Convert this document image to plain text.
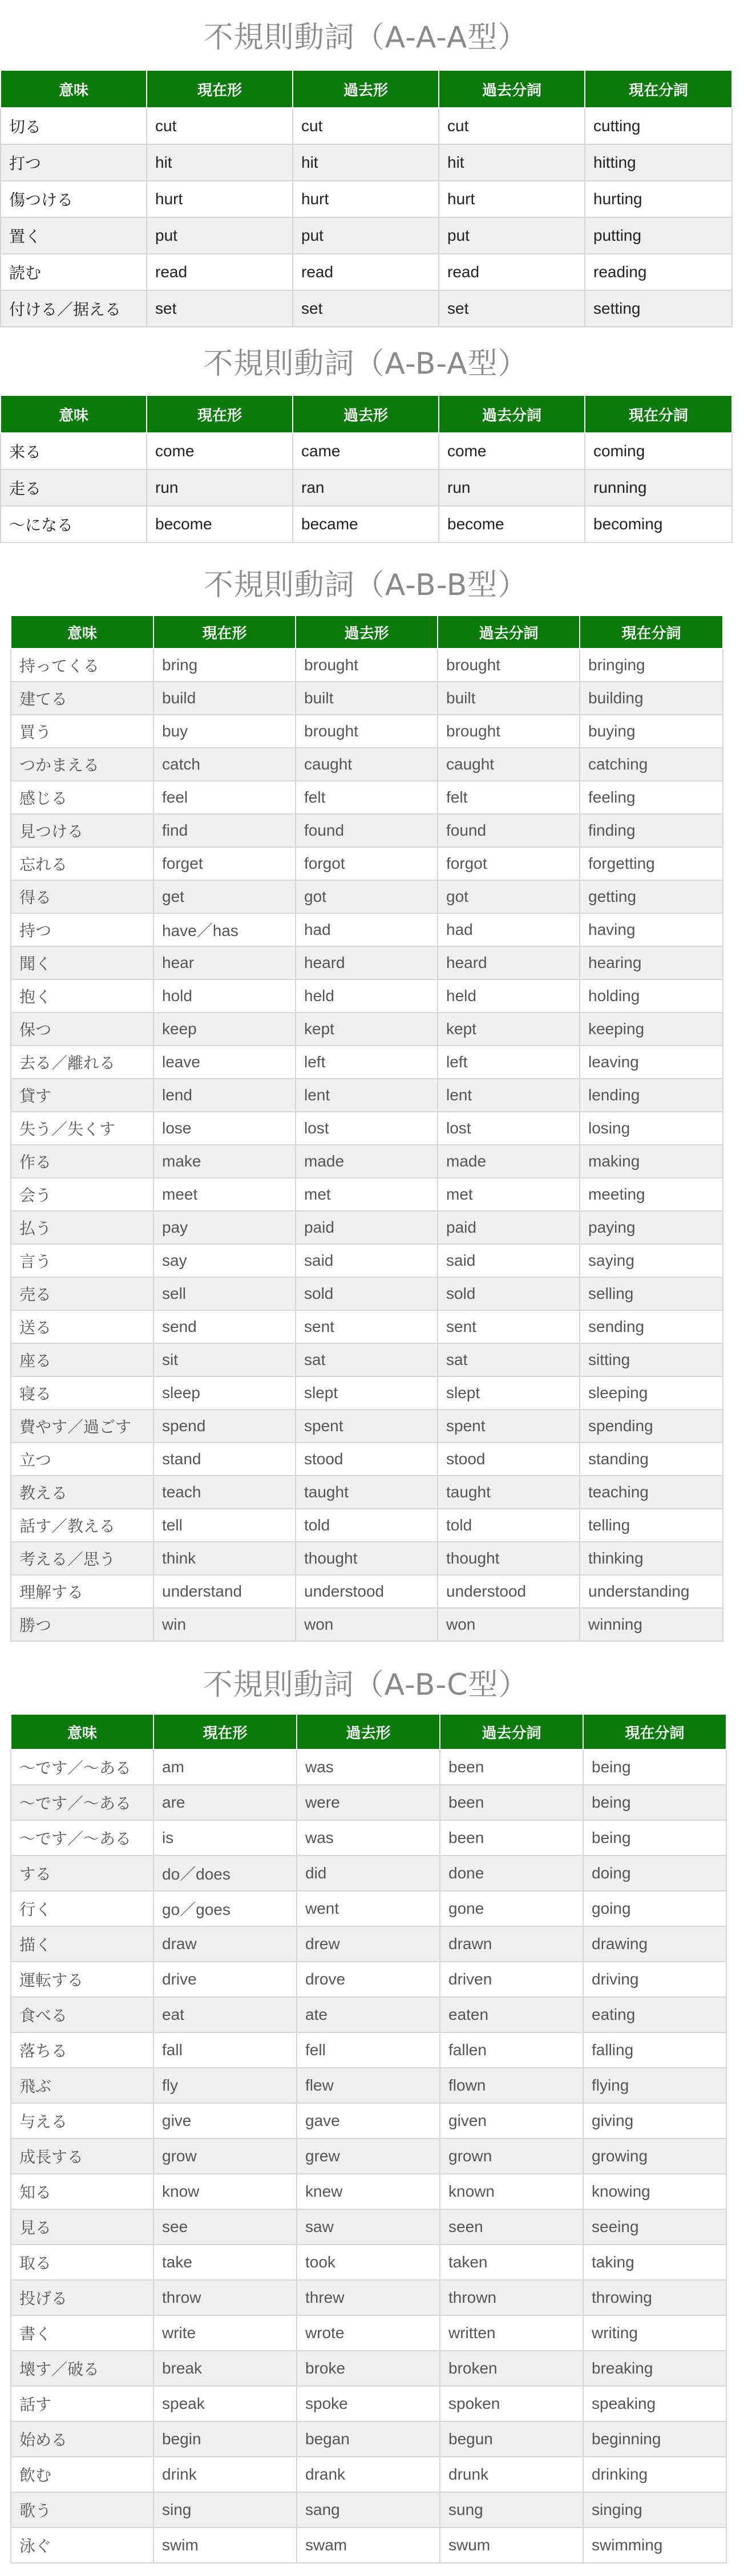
不規則動詞（A-A-A型）
意味	現在形	過去形	過去分詞	現在分詞
切る	cut	cut	cut	cutting
打つ	hit	hit	hit	hitting
傷つける	hurt	hurt	hurt	hurting
置く	put	put	put	putting
読む	read	read	read	reading
付ける／据える	set	set	set	setting
不規則動詞（A-B-A型）
意味	現在形	過去形	過去分詞	現在分詞
来る	come	came	come	coming
走る	run	ran	run	running
〜になる	become	became	become	becoming
不規則動詞（A-B-B型）
意味	現在形	過去形	過去分詞	現在分詞
持ってくる	bring	brought	brought	bringing
建てる	build	built	built	building
買う	buy	brought	brought	buying
つかまえる	catch	caught	caught	catching
感じる	feel	felt	felt	feeling
見つける	find	found	found	finding
忘れる	forget	forgot	forgot	forgetting
得る	get	got	got	getting
持つ	have／has	had	had	having
聞く	hear	heard	heard	hearing
抱く	hold	held	held	holding
保つ	keep	kept	kept	keeping
去る／離れる	leave	left	left	leaving
貸す	lend	lent	lent	lending
失う／失くす	lose	lost	lost	losing
作る	make	made	made	making
会う	meet	met	met	meeting
払う	pay	paid	paid	paying
言う	say	said	said	saying
売る	sell	sold	sold	selling
送る	send	sent	sent	sending
座る	sit	sat	sat	sitting
寝る	sleep	slept	slept	sleeping
費やす／過ごす	spend	spent	spent	spending
立つ	stand	stood	stood	standing
教える	teach	taught	taught	teaching
話す／教える	tell	told	told	telling
考える／思う	think	thought	thought	thinking
理解する	understand	understood	understood	understanding
勝つ	win	won	won	winning
不規則動詞（A-B-C型）
意味	現在形	過去形	過去分詞	現在分詞
〜です／〜ある	am	was	been	being
〜です／〜ある	are	were	been	being
〜です／〜ある	is	was	been	being
する	do／does	did	done	doing
行く	go／goes	went	gone	going
描く	draw	drew	drawn	drawing
運転する	drive	drove	driven	driving
食べる	eat	ate	eaten	eating
落ちる	fall	fell	fallen	falling
飛ぶ	fly	flew	flown	flying
与える	give	gave	given	giving
成長する	grow	grew	grown	growing
知る	know	knew	known	knowing
見る	see	saw	seen	seeing
取る	take	took	taken	taking
投げる	throw	threw	thrown	throwing
書く	write	wrote	written	writing
壊す／破る	break	broke	broken	breaking
話す	speak	spoke	spoken	speaking
始める	begin	began	begun	beginning
飲む	drink	drank	drunk	drinking
歌う	sing	sang	sung	singing
泳ぐ	swim	swam	swum	swimming
